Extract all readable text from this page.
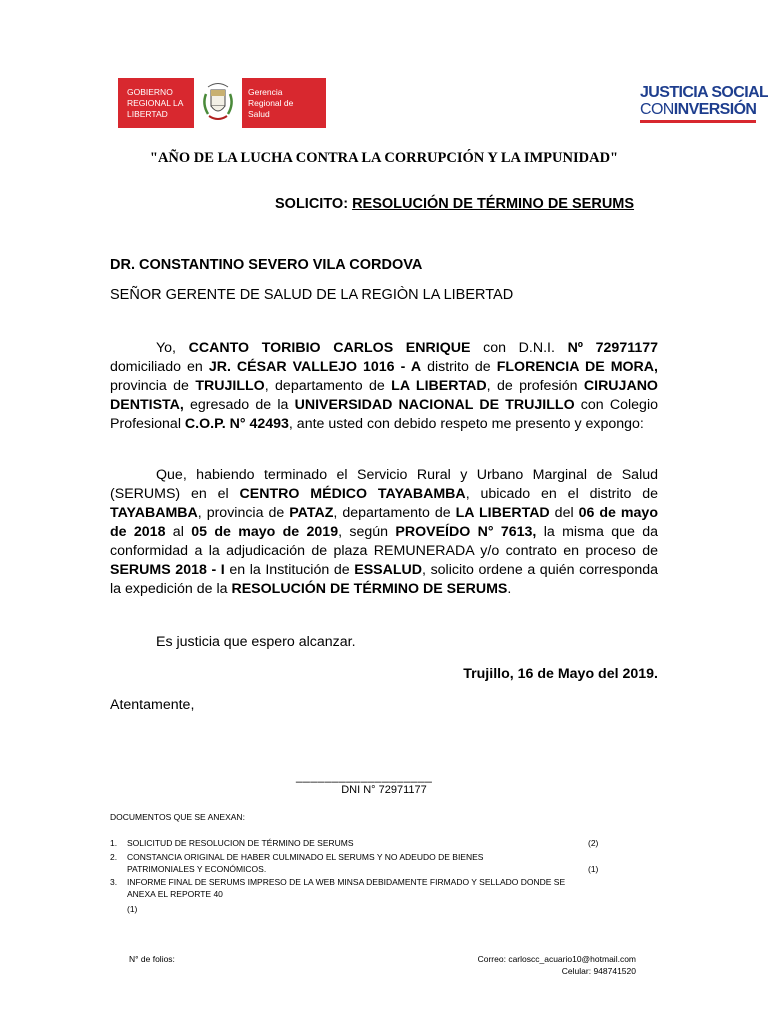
GOBIERNO
REGIONAL LA
LIBERTAD
Gerencia
Regional de
Salud
JUSTICIA SOCIAL
CONINVERSIÓN
"AÑO DE LA LUCHA CONTRA LA CORRUPCIÓN Y LA IMPUNIDAD"
SOLICITO: RESOLUCIÓN DE TÉRMINO DE SERUMS
DR. CONSTANTINO SEVERO VILA CORDOVA
SEÑOR GERENTE DE SALUD DE LA REGIÒN LA LIBERTAD
Yo, CCANTO TORIBIO CARLOS ENRIQUE con D.N.I. Nº 72971177 domiciliado en JR. CÉSAR VALLEJO 1016 - A distrito de FLORENCIA DE MORA, provincia de TRUJILLO, departamento de LA LIBERTAD, de profesión CIRUJANO DENTISTA, egresado de la UNIVERSIDAD NACIONAL DE TRUJILLO con Colegio Profesional C.O.P. N° 42493, ante usted con debido respeto me presento y expongo:
Que, habiendo terminado el Servicio Rural y Urbano Marginal de Salud (SERUMS) en el CENTRO MÉDICO TAYABAMBA, ubicado en el distrito de TAYABAMBA, provincia de PATAZ, departamento de LA LIBERTAD del 06 de mayo de 2018 al 05 de mayo de 2019, según PROVEÍDO N° 7613, la misma que da conformidad a la adjudicación de plaza REMUNERADA y/o contrato en proceso de SERUMS 2018 - I en la Institución de ESSALUD, solicito ordene a quién corresponda la expedición de la RESOLUCIÓN DE TÉRMINO DE SERUMS.
Es justicia que espero alcanzar.
Trujillo, 16 de Mayo del 2019.
Atentamente,
___________________
DNI N° 72971177
DOCUMENTOS QUE SE ANEXAN:
1. SOLICITUD DE RESOLUCION DE TÉRMINO DE SERUMS	(2)
2. CONSTANCIA ORIGINAL DE HABER CULMINADO EL SERUMS Y NO ADEUDO DE BIENES PATRIMONIALES Y ECONÓMICOS.	(1)
3. INFORME FINAL DE SERUMS IMPRESO DE LA WEB MINSA DEBIDAMENTE FIRMADO Y SELLADO DONDE SE ANEXA EL REPORTE 40
(1)
N° de folios:	Correo: carloscc_acuario10@hotmail.com
Celular: 948741520
